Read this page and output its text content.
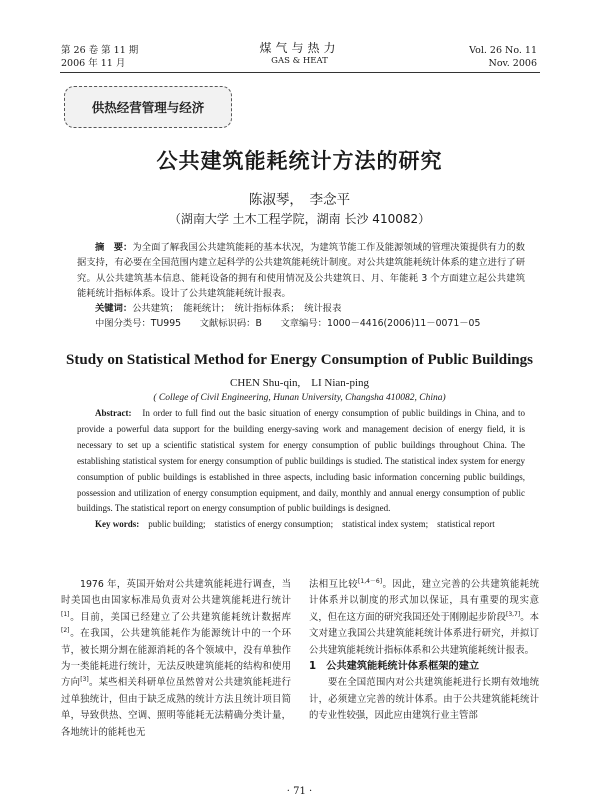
第 26 卷 第 11 期
2006 年 11 月
煤气与热力
GAS & HEAT
Vol. 26 No. 11
Nov. 2006
供热经营管理与经济
公共建筑能耗统计方法的研究
陈淑琴，　李念平
（湖南大学 土木工程学院，湖南 长沙 410082）

摘　要：为全面了解我国公共建筑能耗的基本状况，为建筑节能工作及能源领域的管理决策提供有力的数据支持，有必要在全国范围内建立起科学的公共建筑能耗统计制度。对公共建筑能耗统计体系的建立进行了研究。从公共建筑基本信息、能耗设备的拥有和使用情况及公共建筑日、月、年能耗 3 个方面建立起公共建筑能耗统计指标体系。设计了公共建筑能耗统计报表。

关键词：公共建筑；　能耗统计；　统计指标体系；　统计报表

中图分类号：TU995　　 文献标识码：B　　 文章编号：1000－4416(2006)11－0071－05

Study on Statistical Method for Energy Consumption of Public Buildings
CHEN Shu-qin,　LI Nian-ping
( College of Civil Engineering, Hunan University, Changsha 410082, China)

Abstract:　 In order to full find out the basic situation of energy consumption of public buildings in China, and to provide a powerful data support for the building energy-saving work and management decision of energy field, it is necessary to set up a scientific statistical system for energy consumption of public buildings throughout China. The establishing statistical system for energy consumption of public buildings is studied. The statistical index system for energy consumption of public buildings is established in three aspects, including basic information concerning public buildings, possession and utilization of energy consumption equipment, and daily, monthly and annual energy consumption of public buildings. The statistical report on energy consumption of public buildings is designed.

Key words:　 public building;　statistics of energy consumption;　statistical index system;　statistical report

1976 年，英国开始对公共建筑能耗进行调查，当时美国也由国家标准局负责对公共建筑能耗进行统计[1]。目前，美国已经建立了公共建筑能耗统计数据库[2]。在我国，公共建筑能耗作为能源统计中的一个环节，被长期分割在能源消耗的各个领域中，没有单独作为一类能耗进行统计，无法反映建筑能耗的结构和使用方向[3]。某些相关科研单位虽然曾对公共建筑能耗进行过单独统计，但由于缺乏成熟的统计方法且统计项目简单，导致供热、空调、照明等能耗无法精确分类计量，各地统计的能耗也无

法相互比较[1,4－6]。因此，建立完善的公共建筑能耗统计体系并以制度的形式加以保证，具有重要的现实意义，但在这方面的研究我国还处于刚刚起步阶段[3,7]。本文对建立我国公共建筑能耗统计体系进行研究，并拟订公共建筑能耗统计指标体系和公共建筑能耗统计报表。

1　公共建筑能耗统计体系框架的建立

要在全国范围内对公共建筑能耗进行长期有效地统计，必须建立完善的统计体系。由于公共建筑能耗统计的专业性较强，因此应由建筑行业主管部

· 71 ·
